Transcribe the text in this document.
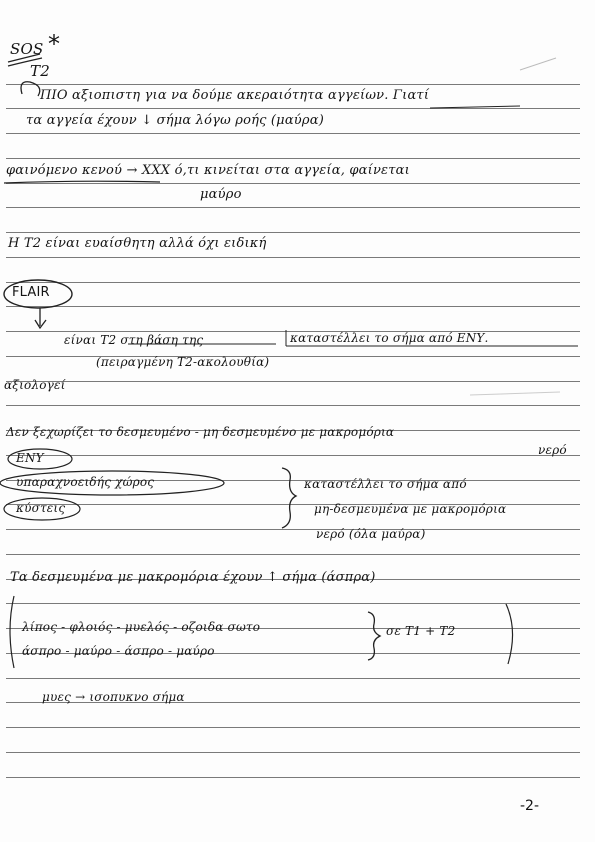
SOS *
T2
ΠΙΟ αξιοπιστη για να δούμε ακεραιότητα αγγείων. Γιατί
τα αγγεία έχουν ↓ σήμα λόγω ροής (μαύρα)
φαινόμενο κενού → ΧΧΧ ό,τι κινείται στα αγγεία, φαίνεται
μαύρο
Η T2 είναι ευαίσθητη αλλά όχι ειδική
FLAIR
είναι T2 στη βάση της	καταστέλλει το σήμα από ΕΝΥ.
(πειραγμένη T2-ακολουθία)
αξιολογεί
Δεν ξεχωρίζει το δεσμευμένο - μη δεσμευμένο με μακρομόρια
νερό
ΕΝΥ
υπαραχνοειδής χώρος
κύστεις
καταστέλλει το σήμα από
μη-δεσμευμένα με μακρομόρια
νερό (όλα μαύρα)
Τα δεσμευμένα με μακρομόρια έχουν ↑ σήμα (άσπρα)
λίπος - φλοιός - μυελός - οζοιδα σωτο
άσπρο - μαύρο - άσπρο - μαύρο
σε T1 + T2
μυες → ισοπυκνο σήμα
-2-
